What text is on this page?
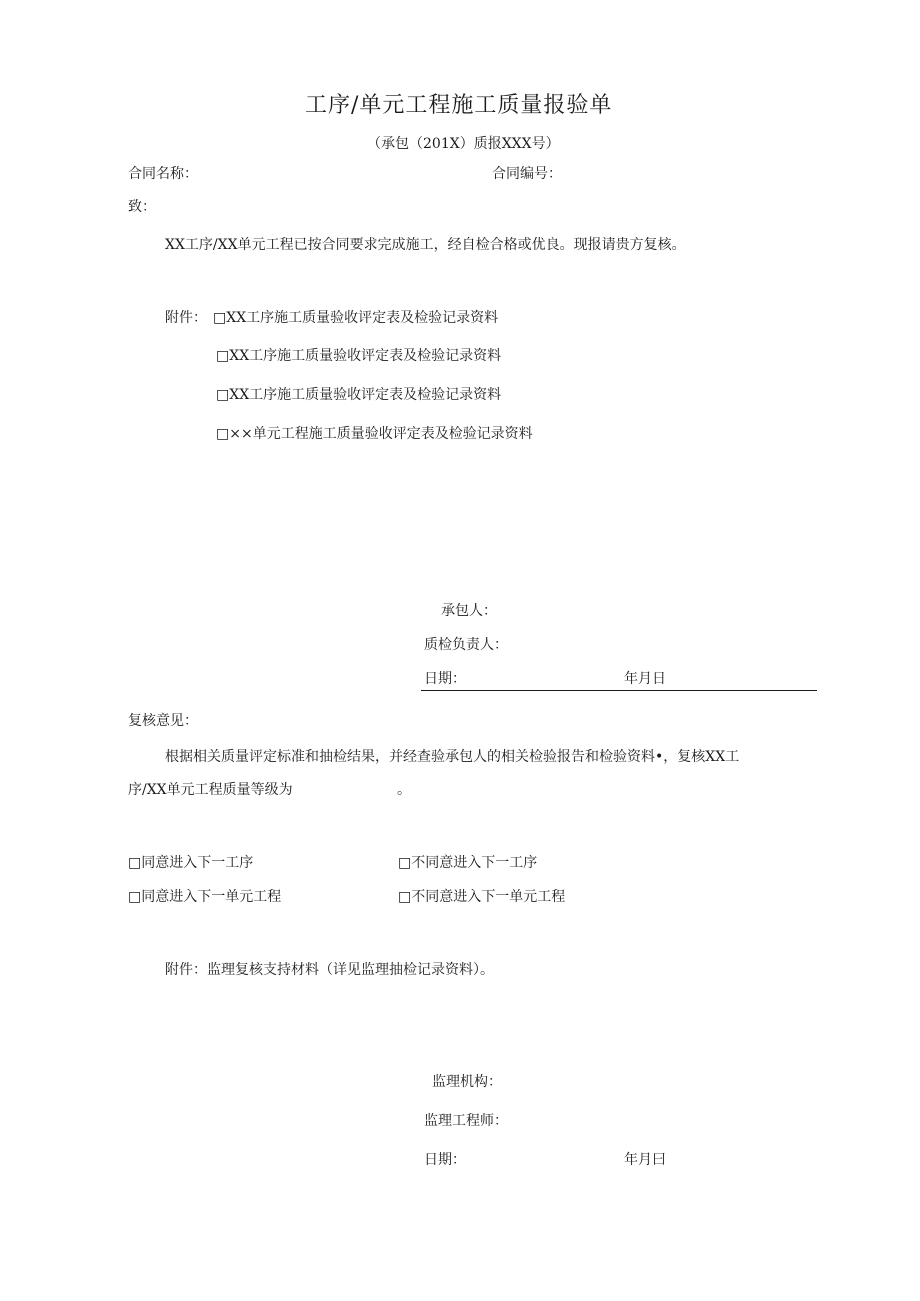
工序/单元工程施工质量报验单
（承包（201X）质报XXX号）
合同名称：	合同编号：
致：
XX工序/XX单元工程已按合同要求完成施工，经自检合格或优良。现报请贵方复核。
附件： □XX工序施工质量验收评定表及检验记录资料
□XX工序施工质量验收评定表及检验记录资料
□XX工序施工质量验收评定表及检验记录资料
□××单元工程施工质量验收评定表及检验记录资料
承包人：
质检负责人：
日期：	年月日
复核意见：
根据相关质量评定标准和抽检结果，并经查验承包人的相关检验报告和检验资料•，复核XX工
序/XX单元工程质量等级为	。
□同意进入下一工序	□不同意进入下一工序
□同意进入下一单元工程	□不同意进入下一单元工程
附件：监理复核支持材料（详见监理抽检记录资料）。
监理机构：
监理工程师：
日期：	年月曰
